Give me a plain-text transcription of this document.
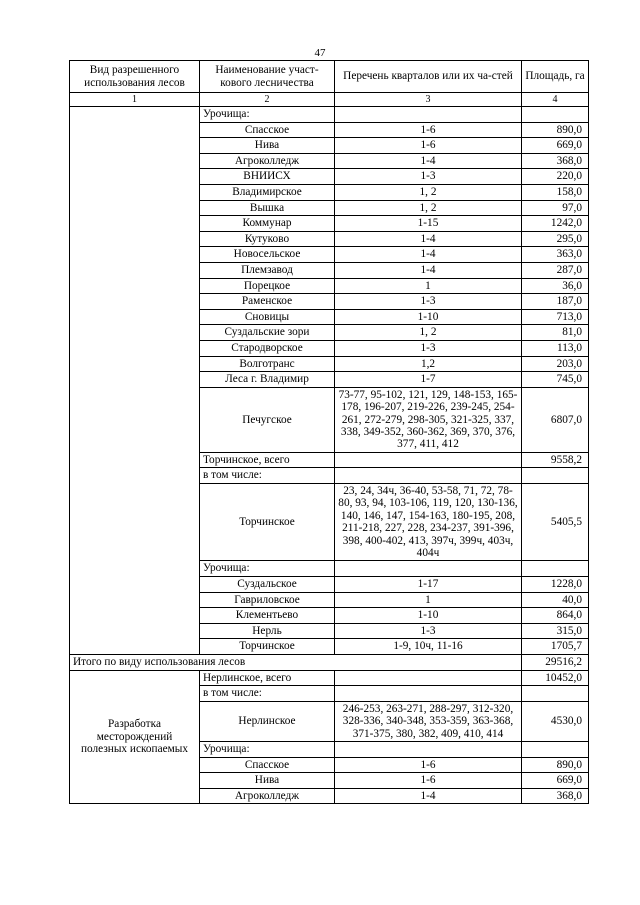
47
Вид разрешенного использования лесов	Наименование участ-кового лесничества	Перечень кварталов или их ча-стей	Площадь, га
1	2	3	4
	Урочища:		
	Спасское	1-6	890,0
	Нива	1-6	669,0
	Агроколледж	1-4	368,0
	ВНИИСХ	1-3	220,0
	Владимирское	1, 2	158,0
	Вышка	1, 2	97,0
	Коммунар	1-15	1242,0
	Кутуково	1-4	295,0
	Новосельское	1-4	363,0
	Племзавод	1-4	287,0
	Порецкое	1	36,0
	Раменское	1-3	187,0
	Сновицы	1-10	713,0
	Суздальские зори	1, 2	81,0
	Стародворское	1-3	113,0
	Волготранс	1,2	203,0
	Леса г. Владимир	1-7	745,0
	Печугское	73-77, 95-102, 121, 129, 148-153, 165-178, 196-207, 219-226, 239-245, 254-261, 272-279, 298-305, 321-325, 337, 338, 349-352, 360-362, 369, 370, 376, 377, 411, 412	6807,0
	Торчинское, всего		9558,2
	в том числе:		
	Торчинское	23, 24, 34ч, 36-40, 53-58, 71, 72, 78-80, 93, 94, 103-106, 119, 120, 130-136, 140, 146, 147, 154-163, 180-195, 208, 211-218, 227, 228, 234-237, 391-396, 398, 400-402, 413, 397ч, 399ч, 403ч, 404ч	5405,5
	Урочища:		
	Суздальское	1-17	1228,0
	Гавриловское	1	40,0
	Клементьево	1-10	864,0
	Нерль	1-3	315,0
	Торчинское	1-9, 10ч, 11-16	1705,7
Итого по виду использования лесов			29516,2
Разработка месторождений полезных ископаемых	Нерлинское, всего		10452,0
	в том числе:		
	Нерлинское	246-253, 263-271, 288-297, 312-320, 328-336, 340-348, 353-359, 363-368, 371-375, 380, 382, 409, 410, 414	4530,0
	Урочища:		
	Спасское	1-6	890,0
	Нива	1-6	669,0
	Агроколледж	1-4	368,0
